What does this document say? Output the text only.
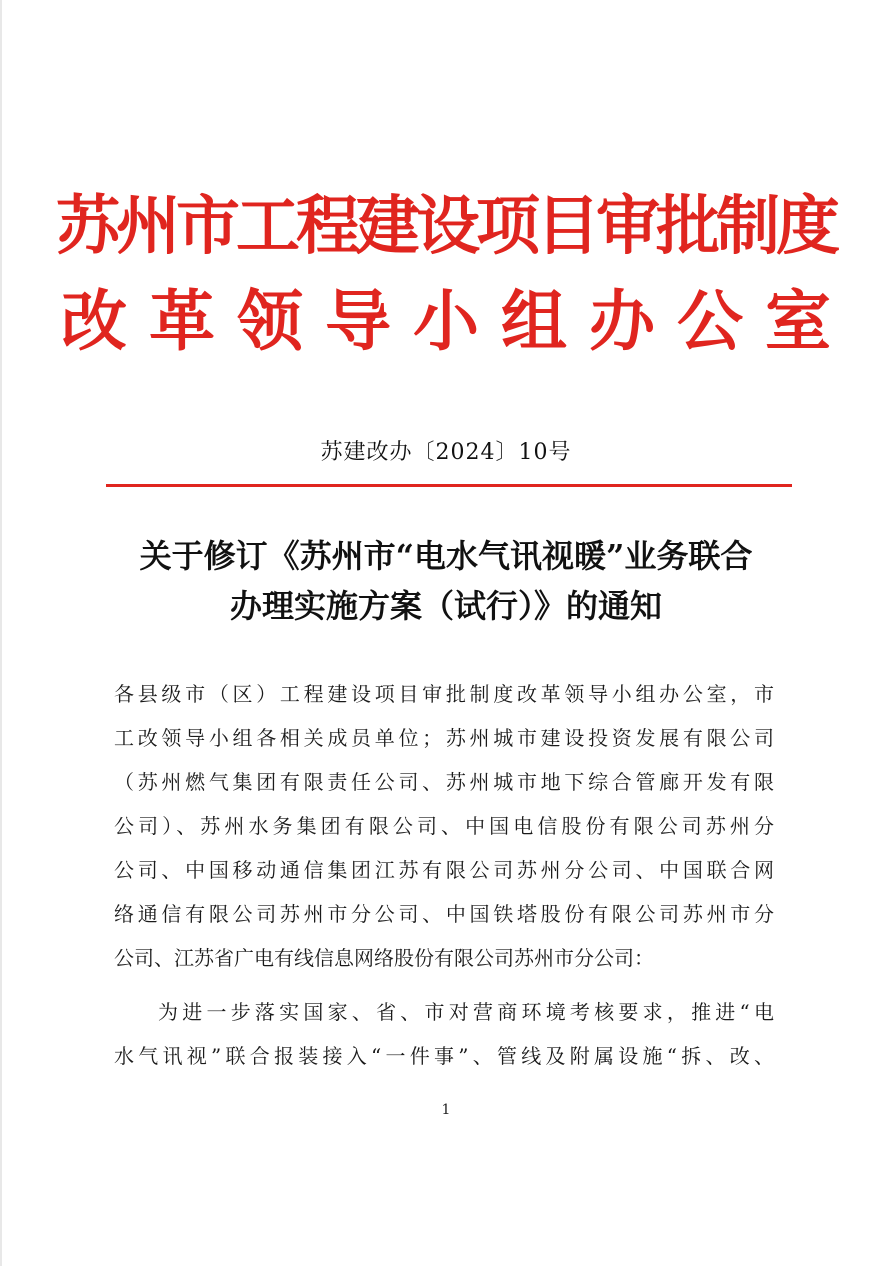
苏州市工程建设项目审批制度
改革领导小组办公室
苏建改办〔2024〕10号
关于修订《苏州市“电水气讯视暖”业务联合
办理实施方案（试行）》的通知
各县级市（区）工程建设项目审批制度改革领导小组办公室，市
工改领导小组各相关成员单位；苏州城市建设投资发展有限公司
（苏州燃气集团有限责任公司、苏州城市地下综合管廊开发有限
公司）、苏州水务集团有限公司、中国电信股份有限公司苏州分
公司、中国移动通信集团江苏有限公司苏州分公司、中国联合网
络通信有限公司苏州市分公司、中国铁塔股份有限公司苏州市分
公司、江苏省广电有线信息网络股份有限公司苏州市分公司：
为进一步落实国家、省、市对营商环境考核要求，推进“电
水气讯视”联合报装接入“一件事”、管线及附属设施“拆、改、
1
